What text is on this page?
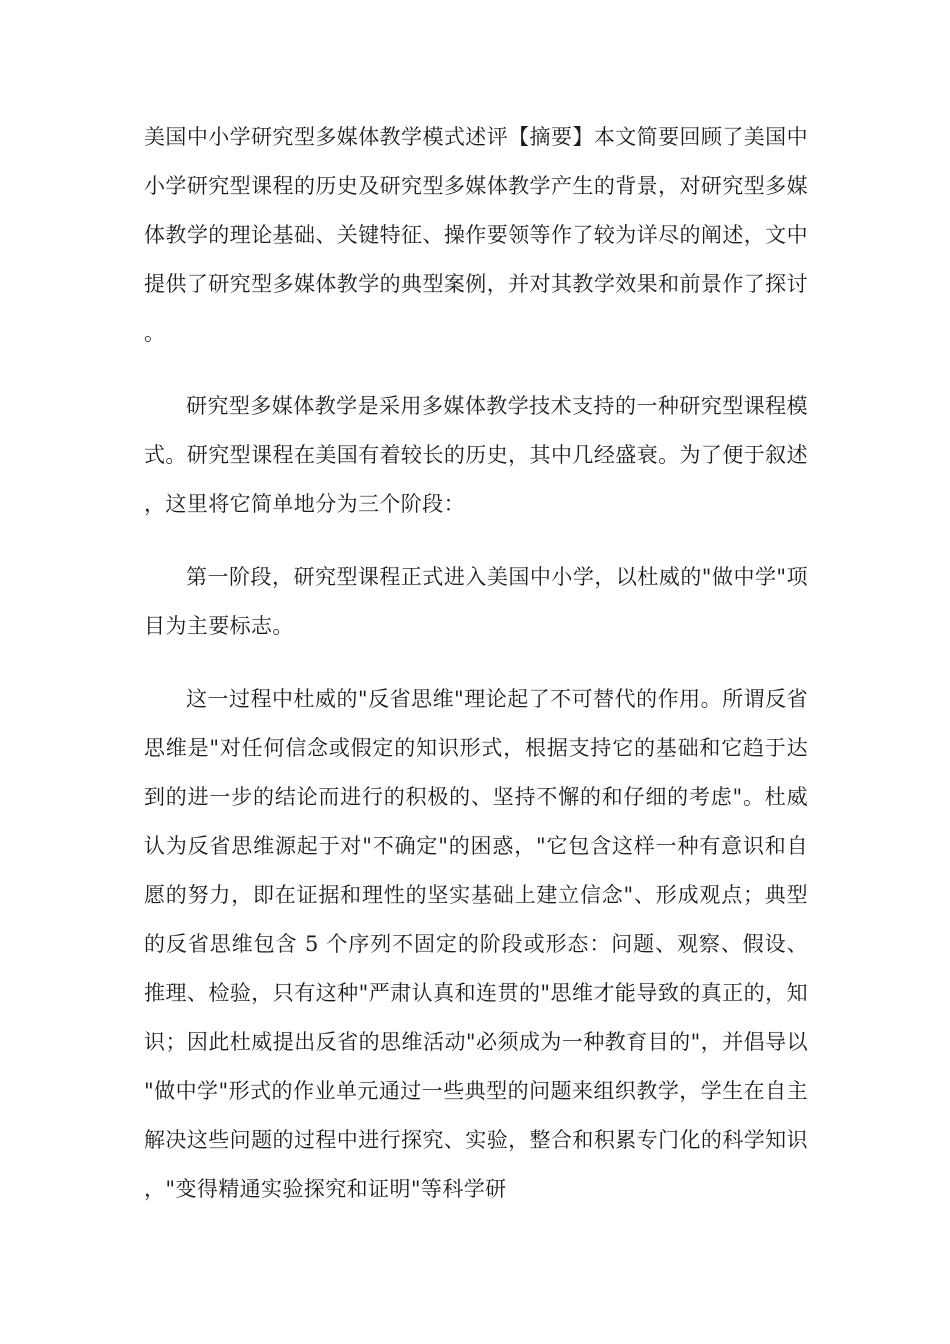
美国中小学研究型多媒体教学模式述评【摘要】本文简要回顾了美国中小学研究型课程的历史及研究型多媒体教学产生的背景，对研究型多媒体教学的理论基础、关键特征、操作要领等作了较为详尽的阐述，文中提供了研究型多媒体教学的典型案例，并对其教学效果和前景作了探讨。

研究型多媒体教学是采用多媒体教学技术支持的一种研究型课程模式。研究型课程在美国有着较长的历史，其中几经盛衰。为了便于叙述，这里将它简单地分为三个阶段：

第一阶段，研究型课程正式进入美国中小学，以杜威的"做中学"项目为主要标志。

这一过程中杜威的"反省思维"理论起了不可替代的作用。所谓反省思维是"对任何信念或假定的知识形式，根据支持它的基础和它趋于达到的进一步的结论而进行的积极的、坚持不懈的和仔细的考虑"。杜威认为反省思维源起于对"不确定"的困惑，"它包含这样一种有意识和自愿的努力，即在证据和理性的坚实基础上建立信念"、形成观点；典型的反省思维包含 5 个序列不固定的阶段或形态：问题、观察、假设、推理、检验，只有这种"严肃认真和连贯的"思维才能导致的真正的，知识；因此杜威提出反省的思维活动"必须成为一种教育目的"，并倡导以"做中学"形式的作业单元通过一些典型的问题来组织教学，学生在自主解决这些问题的过程中进行探究、实验，整合和积累专门化的科学知识，"变得精通实验探究和证明"等科学研
